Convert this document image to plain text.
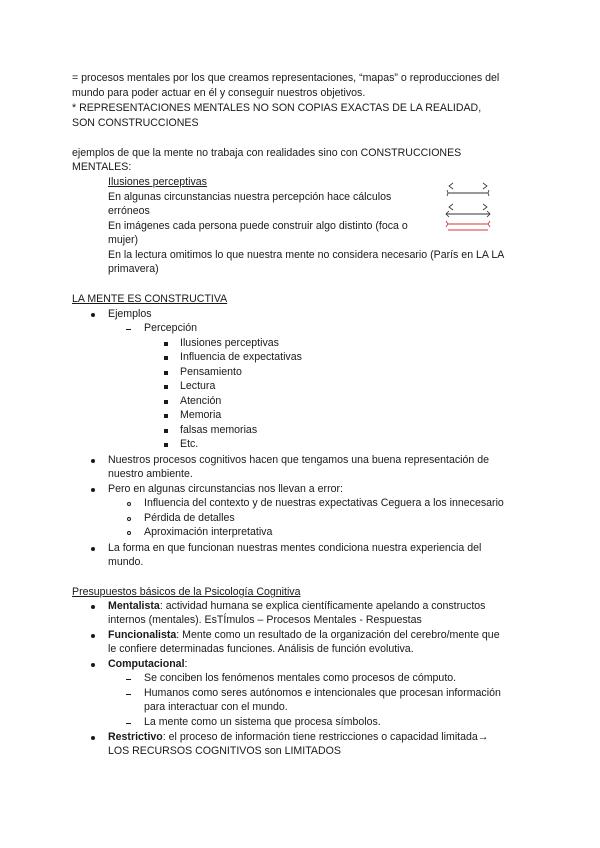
= procesos mentales por los que creamos representaciones, “mapas” o reproducciones del
mundo para poder actuar en él y conseguir nuestros objetivos.
* REPRESENTACIONES MENTALES NO SON COPIAS EXACTAS DE LA REALIDAD,
SON CONSTRUCCIONES
ejemplos de que la mente no trabaja con realidades sino con CONSTRUCCIONES
MENTALES:
Ilusiones perceptivas
En algunas circunstancias nuestra percepción hace cálculos
erróneos
En imágenes cada persona puede construir algo distinto (foca o
mujer)
En la lectura omitimos lo que nuestra mente no considera necesario (París en LA LA
primavera)
LA MENTE ES CONSTRUCTIVA
Ejemplos
Percepción
Ilusiones perceptivas
Influencia de expectativas
Pensamiento
Lectura
Atención
Memoria
falsas memorias
Etc.
Nuestros procesos cognitivos hacen que tengamos una buena representación de
nuestro ambiente.
Pero en algunas circunstancias nos llevan a error:
Influencia del contexto y de nuestras expectativas Ceguera a los innecesario
Pérdida de detalles
Aproximación interpretativa
La forma en que funcionan nuestras mentes condiciona nuestra experiencia del
mundo.
Presupuestos básicos de la Psicología Cognitiva
Mentalista: actividad humana se explica científicamente apelando a constructos
internos (mentales). EsTÍmulos – Procesos Mentales - Respuestas
Funcionalista: Mente como un resultado de la organización del cerebro/mente que
le confiere determinadas funciones. Análisis de función evolutiva.
Computacional:
Se conciben los fenómenos mentales como procesos de cómputo.
Humanos como seres autónomos e intencionales que procesan información
para interactuar con el mundo.
La mente como un sistema que procesa símbolos.
Restrictivo: el proceso de información tiene restricciones o capacidad limitada→
LOS RECURSOS COGNITIVOS son LIMITADOS
